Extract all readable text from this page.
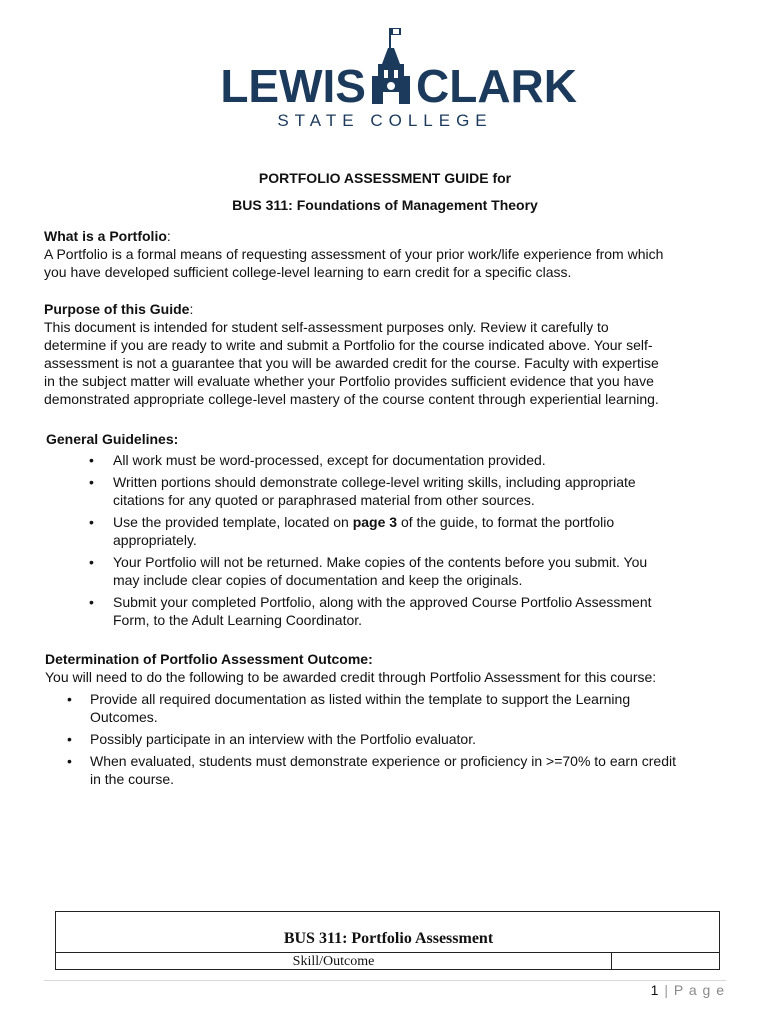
LEWIS CLARK
STATE COLLEGE
PORTFOLIO ASSESSMENT GUIDE for
BUS 311: Foundations of Management Theory
What is a Portfolio:
A Portfolio is a formal means of requesting assessment of your prior work/life experience from which
you have developed sufficient college-level learning to earn credit for a specific class.
Purpose of this Guide:
This document is intended for student self-assessment purposes only. Review it carefully to
determine if you are ready to write and submit a Portfolio for the course indicated above. Your self-
assessment is not a guarantee that you will be awarded credit for the course. Faculty with expertise
in the subject matter will evaluate whether your Portfolio provides sufficient evidence that you have
demonstrated appropriate college-level mastery of the course content through experiential learning.
General Guidelines:
• All work must be word-processed, except for documentation provided.
• Written portions should demonstrate college-level writing skills, including appropriate
citations for any quoted or paraphrased material from other sources.
• Use the provided template, located on page 3 of the guide, to format the portfolio
appropriately.
• Your Portfolio will not be returned. Make copies of the contents before you submit. You
may include clear copies of documentation and keep the originals.
• Submit your completed Portfolio, along with the approved Course Portfolio Assessment
Form, to the Adult Learning Coordinator.
Determination of Portfolio Assessment Outcome:
You will need to do the following to be awarded credit through Portfolio Assessment for this course:
• Provide all required documentation as listed within the template to support the Learning
Outcomes.
• Possibly participate in an interview with the Portfolio evaluator.
• When evaluated, students must demonstrate experience or proficiency in >=70% to earn credit
in the course.
BUS 311: Portfolio Assessment
Skill/Outcome
1 | P a g e
